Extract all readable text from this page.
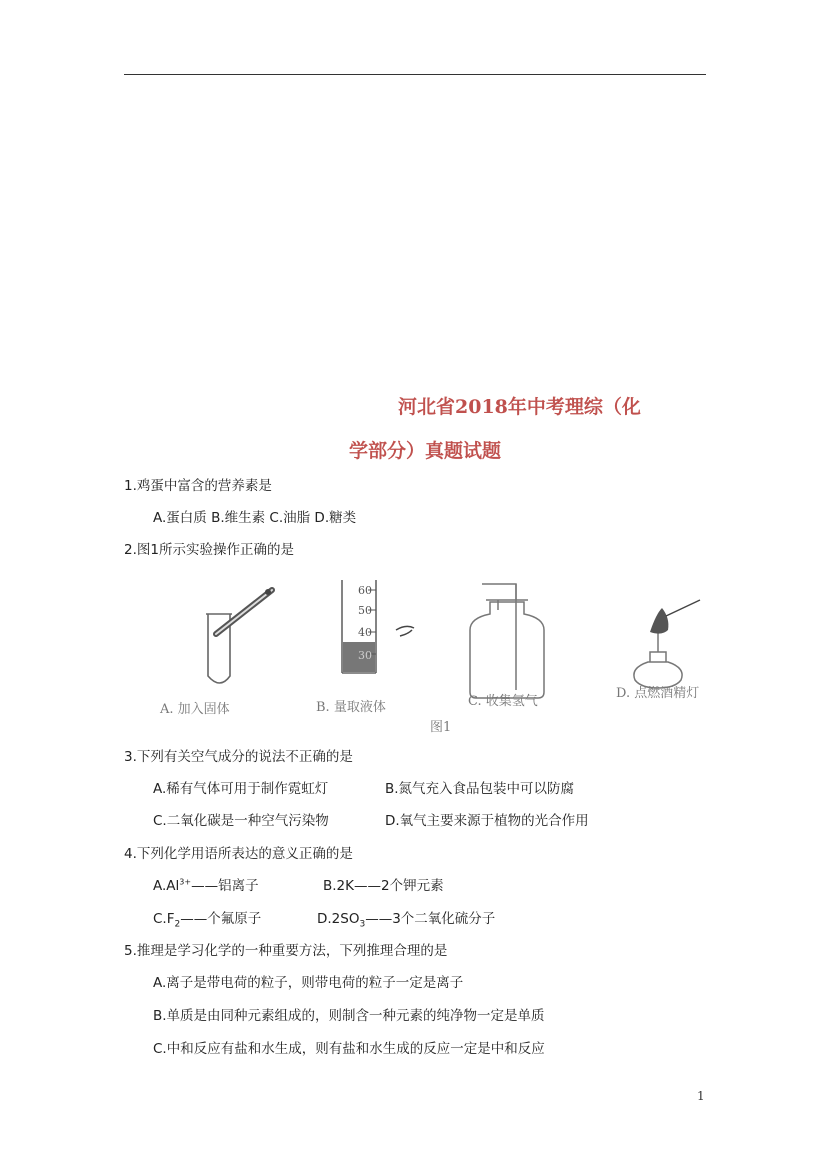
河北省2018年中考理综（化
学部分）真题试题
1.鸡蛋中富含的营养素是
A.蛋白质 B.维生素 C.油脂 D.糖类
2.图1所示实验操作正确的是
60
50
40
30
A. 加入固体	B. 量取液体	C. 收集氢气
D. 点燃酒精灯
图1
3.下列有关空气成分的说法不正确的是
A.稀有气体可用于制作霓虹灯	B.氮气充入食品包装中可以防腐
C.二氧化碳是一种空气污染物	D.氧气主要来源于植物的光合作用
4.下列化学用语所表达的意义正确的是
$A.Al^{3+}——$铝离子	B.2K——2个钾元素
$C.F_2——$个氟原子	$D.2SO_3——3$个二氧化硫分子
5.推理是学习化学的一种重要方法，下列推理合理的是
A.离子是带电荷的粒子，则带电荷的粒子一定是离子
B.单质是由同种元素组成的，则制含一种元素的纯净物一定是单质
C.中和反应有盐和水生成，则有盐和水生成的反应一定是中和反应
1
